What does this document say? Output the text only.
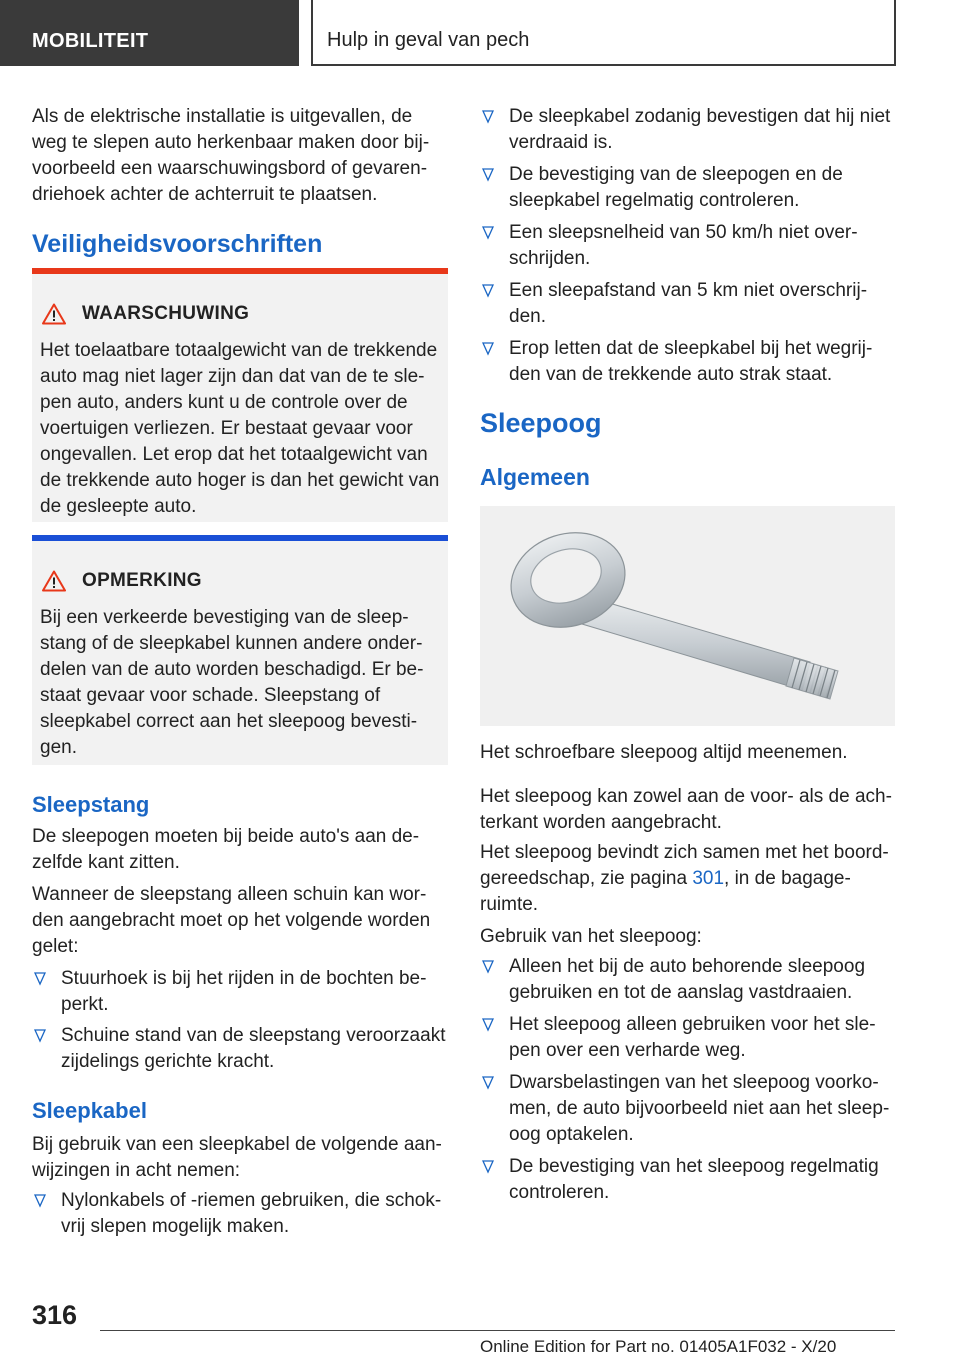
MOBILITEIT	Hulp in geval van pech

Als de elektrische installatie is uitgevallen, de weg te slepen auto herkenbaar maken door bijvoorbeeld een waarschuwingsbord of gevarendriehoek achter de achterruit te plaatsen.

Veiligheidsvoorschriften
WAARSCHUWING
Het toelaatbare totaalgewicht van de trekkende auto mag niet lager zijn dan dat van de te slepen auto, anders kunt u de controle over de voertuigen verliezen. Er bestaat gevaar voor ongevallen. Let erop dat het totaalgewicht van de trekkende auto hoger is dan het gewicht van de gesleepte auto.
OPMERKING
Bij een verkeerde bevestiging van de sleepstang of de sleepkabel kunnen andere onderdelen van de auto worden beschadigd. Er bestaat gevaar voor schade. Sleepstang of sleepkabel correct aan het sleepoog bevestigen.
Sleepstang

De sleepogen moeten bij beide auto's aan dezelfde kant zitten.

Wanneer de sleepstang alleen schuin kan worden aangebracht moet op het volgende worden gelet:

Stuurhoek is bij het rijden in de bochten beperkt.
Schuine stand van de sleepstang veroorzaakt zijdelings gerichte kracht.
Sleepkabel

Bij gebruik van een sleepkabel de volgende aanwijzingen in acht nemen:

Nylonkabels of -riemen gebruiken, die schokvrij slepen mogelijk maken.
De sleepkabel zodanig bevestigen dat hij niet verdraaid is.
De bevestiging van de sleepogen en de sleepkabel regelmatig controleren.
Een sleepsnelheid van 50 km/h niet overschrijden.
Een sleepafstand van 5 km niet overschrijden.
Erop letten dat de sleepkabel bij het wegrijden van de trekkende auto strak staat.
Sleepoog
Algemeen

Het schroefbare sleepoog altijd meenemen.

Het sleepoog kan zowel aan de voor- als de achterkant worden aangebracht.

Het sleepoog bevindt zich samen met het boordgereedschap, zie pagina 301, in de bagageruimte.

Gebruik van het sleepoog:

Alleen het bij de auto behorende sleepoog gebruiken en tot de aanslag vastdraaien.
Het sleepoog alleen gebruiken voor het slepen over een verharde weg.
Dwarsbelastingen van het sleepoog voorkomen, de auto bijvoorbeeld niet aan het sleepoog optakelen.
De bevestiging van het sleepoog regelmatig controleren.
316
Online Edition for Part no. 01405A1F032 - X/20
